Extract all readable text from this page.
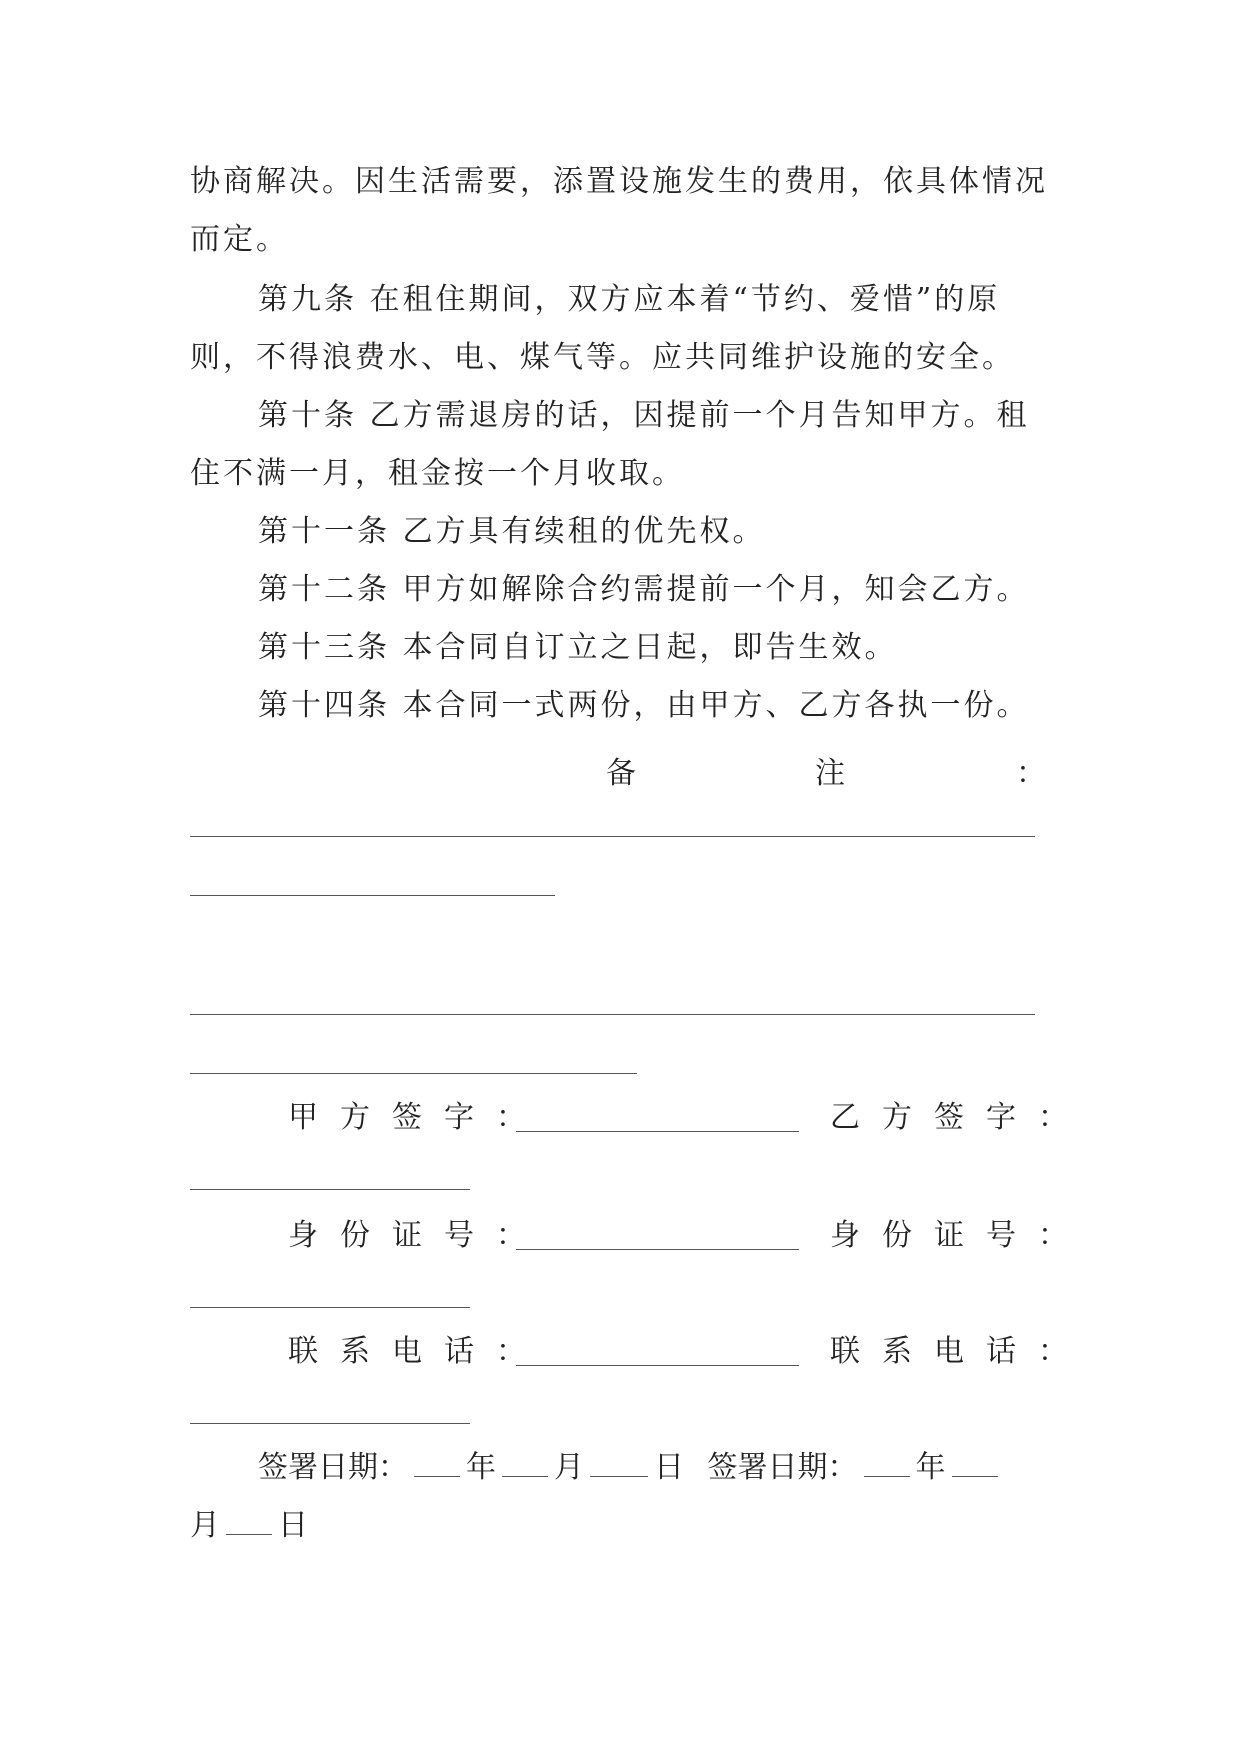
协商解决。因生活需要，添置设施发生的费用，依具体情况
而定。
第九条 在租住期间，双方应本着“节约、爱惜”的原
则，不得浪费水、电、煤气等。应共同维护设施的安全。
第十条 乙方需退房的话，因提前一个月告知甲方。租
住不满一月，租金按一个月收取。
第十一条 乙方具有续租的优先权。
第十二条 甲方如解除合约需提前一个月，知会乙方。
第十三条 本合同自订立之日起，即告生效。
第十四条 本合同一式两份，由甲方、乙方各执一份。
备	注	：
甲方签字：	乙方签字：
身份证号：	身份证号：
联系电话：	联系电话：
签署日期： 年 月 日 签署日期： 年
月 日
